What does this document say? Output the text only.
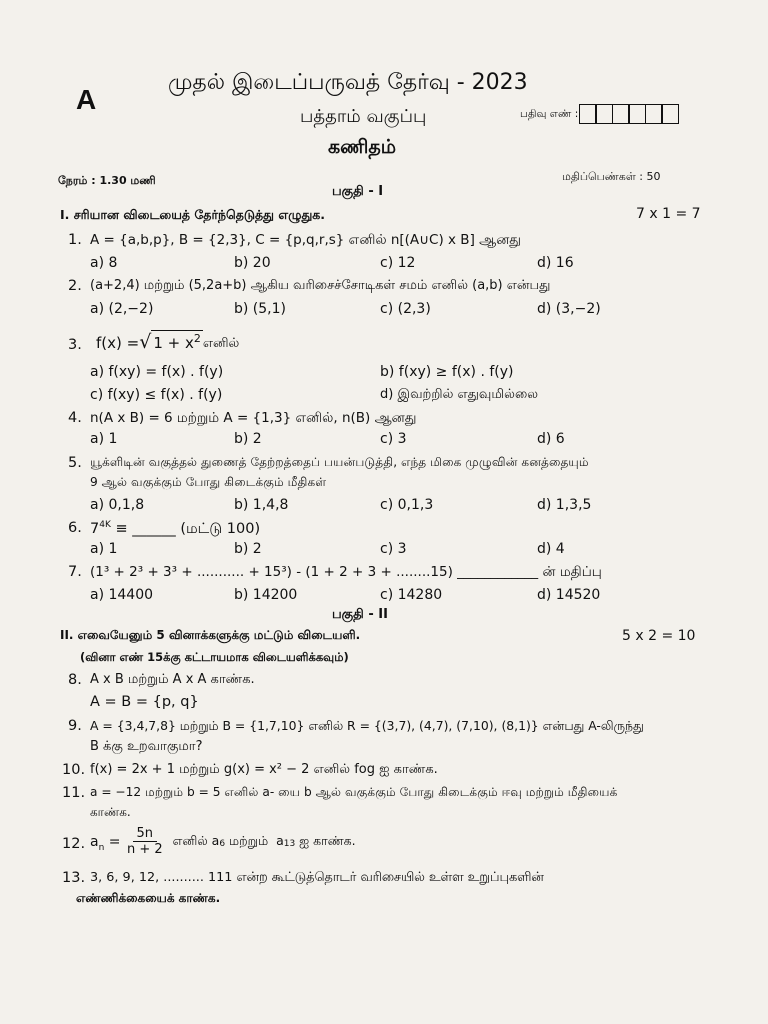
A
முதல் இடைப்பருவத் தேர்வு - 2023
பத்தாம் வகுப்பு
கணிதம்
பதிவு எண் :
நேரம் : 1.30 மணி	மதிப்பெண்கள் : 50
பகுதி - I
I. சரியான விடையைத் தேர்ந்தெடுத்து எழுதுக.	7 x 1 = 7
1. A = {a,b,p}, B = {2,3}, C = {p,q,r,s} எனில் n[(A∪C) x B] ஆனது
a) 8	b) 20	c) 12	d) 16
2. (a+2,4) மற்றும் (5,2a+b) ஆகிய வரிசைச்சோடிகள் சமம் எனில் (a,b) என்பது
a) (2,−2)	b) (5,1)	c) (2,3)	d) (3,−2)
3. f(x) = √ $1 + x^2$ எனில்
a) f(xy) = f(x) . f(y)	b) f(xy) ≥ f(x) . f(y)
c) f(xy) ≤ f(x) . f(y)	d) இவற்றில் எதுவுமில்லை
4. n(A x B) = 6 மற்றும் A = {1,3} எனில், n(B) ஆனது
a) 1	b) 2	c) 3	d) 6
5. யூக்ளிடின் வகுத்தல் துணைத் தேற்றத்தைப் பயன்படுத்தி, எந்த மிகை முழுவின் கனத்தையும்
9 ஆல் வகுக்கும் போது கிடைக்கும் மீதிகள்
a) 0,1,8	b) 1,4,8	c) 0,1,3	d) 1,3,5
6. $7^{4K}$ ≡ ______ (மட்டு 100)
a) 1	b) 2	c) 3	d) 4
7. (1³ + 2³ + 3³ + ........... + 15³) - (1 + 2 + 3 + ........15) ____________ ன் மதிப்பு
a) 14400	b) 14200	c) 14280	d) 14520
பகுதி - II
II. எவையேனும் 5 வினாக்களுக்கு மட்டும் விடையளி.	5 x 2 = 10
(வினா எண் 15க்கு கட்டாயமாக விடையளிக்கவும்)
8. A x B மற்றும் A x A காண்க.
A = B = {p, q}
9. A = {3,4,7,8} மற்றும் B = {1,7,10} எனில் R = {(3,7), (4,7), (7,10), (8,1)} என்பது A-லிருந்து
B க்கு உறவாகுமா?
10. f(x) = 2x + 1 மற்றும் g(x) = x² − 2 எனில் fog ஐ காண்க.
11. a = −12 மற்றும் b = 5 எனில் a- யை b ஆல் வகுக்கும் போது கிடைக்கும் ஈவு மற்றும் மீதியைக்
காண்க.
12. $a_n = \frac{5n}{n + 2}$ எனில் a 6 மற்றும்  a 13 ஐ காண்க.
13. 3, 6, 9, 12, .......... 111 என்ற கூட்டுத்தொடர் வரிசையில் உள்ள உறுப்புகளின்
எண்ணிக்கையைக் காண்க.
